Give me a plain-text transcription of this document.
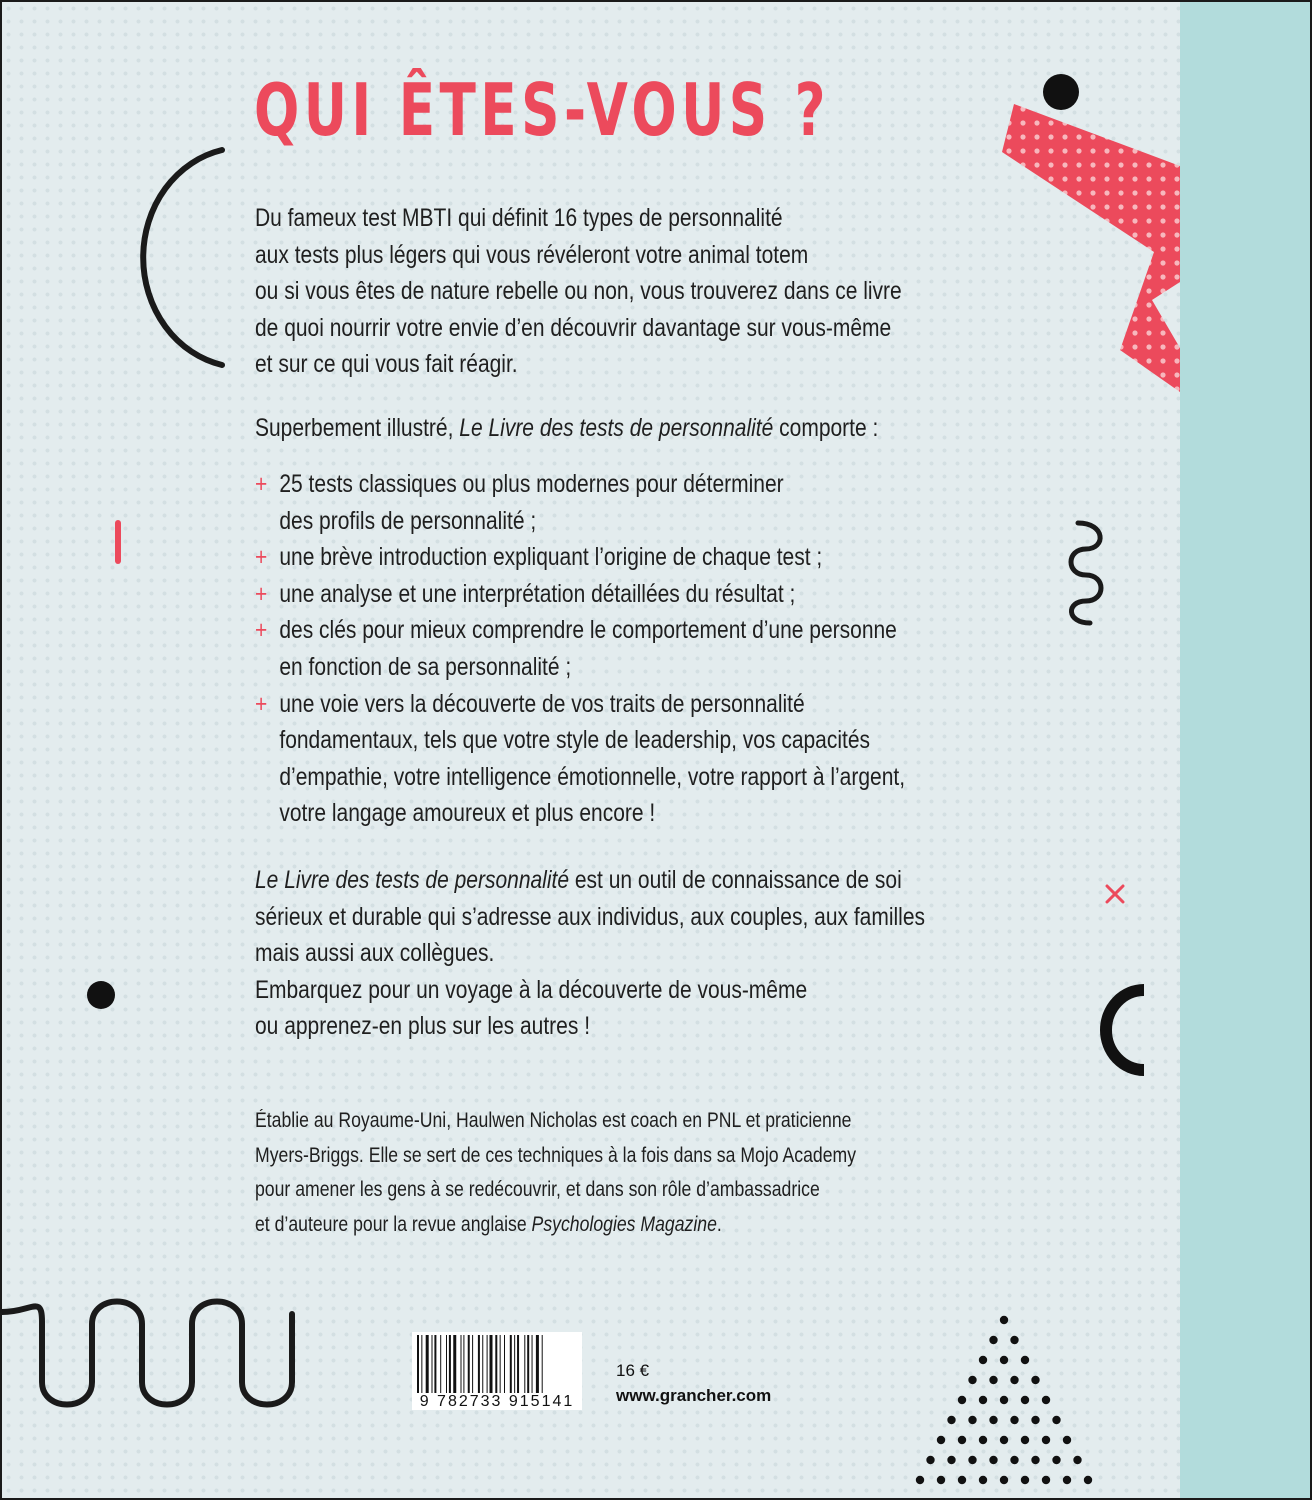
QUI ÊTES-VOUS ?
Du fameux test MBTI qui définit 16 types de personnalité
aux tests plus légers qui vous révéleront votre animal totem
ou si vous êtes de nature rebelle ou non, vous trouverez dans ce livre
de quoi nourrir votre envie d’en découvrir davantage sur vous-même
et sur ce qui vous fait réagir.
Superbement illustré, Le Livre des tests de personnalité comporte :
+ 25 tests classiques ou plus modernes pour déterminer
des profils de personnalité ;
+ une brève introduction expliquant l’origine de chaque test ;
+ une analyse et une interprétation détaillées du résultat ;
+ des clés pour mieux comprendre le comportement d’une personne
en fonction de sa personnalité ;
+ une voie vers la découverte de vos traits de personnalité
fondamentaux, tels que votre style de leadership, vos capacités
d’empathie, votre intelligence émotionnelle, votre rapport à l’argent,
votre langage amoureux et plus encore !
Le Livre des tests de personnalité est un outil de connaissance de soi
sérieux et durable qui s’adresse aux individus, aux couples, aux familles
mais aussi aux collègues.
Embarquez pour un voyage à la découverte de vous-même
ou apprenez-en plus sur les autres !
Établie au Royaume-Uni, Haulwen Nicholas est coach en PNL et praticienne
Myers-Briggs. Elle se sert de ces techniques à la fois dans sa Mojo Academy
pour amener les gens à se redécouvrir, et dans son rôle d’ambassadrice
et d’auteure pour la revue anglaise Psychologies Magazine.
9 782733 915141
16 €
www.grancher.com
